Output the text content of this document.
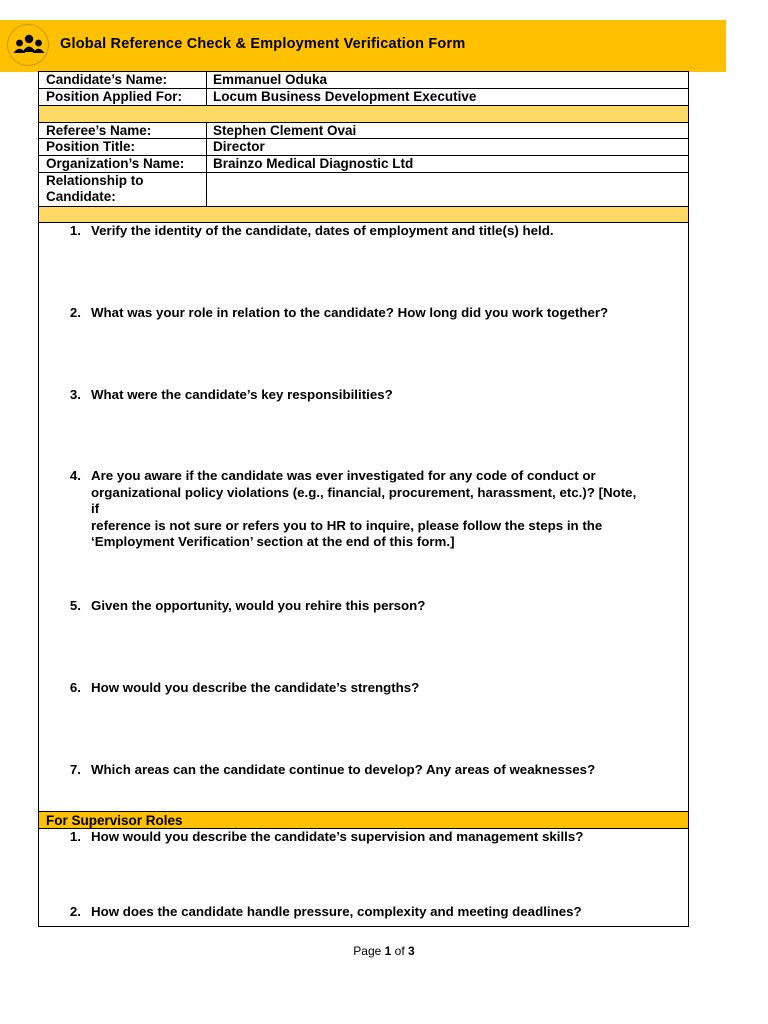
Global Reference Check & Employment Verification Form
Candidate’s Name:	Emmanuel Oduka
Position Applied For:	Locum Business Development Executive
Referee’s Name:	Stephen Clement Ovai
Position Title:	Director
Organization’s Name:	Brainzo Medical Diagnostic Ltd
Relationship to
Candidate:
1. Verify the identity of the candidate, dates of employment and title(s) held.
2. What was your role in relation to the candidate? How long did you work together?
3. What were the candidate’s key responsibilities?
4. Are you aware if the candidate was ever investigated for any code of conduct or
organizational policy violations (e.g., financial, procurement, harassment, etc.)? [Note, if
reference is not sure or refers you to HR to inquire, please follow the steps in the
‘Employment Verification’ section at the end of this form.]
5. Given the opportunity, would you rehire this person?
6. How would you describe the candidate’s strengths?
7. Which areas can the candidate continue to develop? Any areas of weaknesses?
For Supervisor Roles
1. How would you describe the candidate’s supervision and management skills?
2. How does the candidate handle pressure, complexity and meeting deadlines?
Page 1 of 3
